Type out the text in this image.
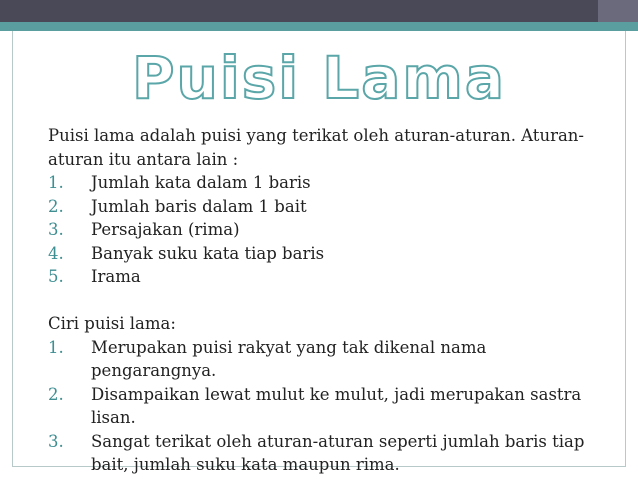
Puisi Lama

Puisi lama adalah puisi yang terikat oleh aturan-aturan. Aturan-aturan itu antara lain :

1. Jumlah kata dalam 1 baris
2. Jumlah baris dalam 1 bait
3. Persajakan (rima)
4. Banyak suku kata tiap baris
5. Irama

Ciri puisi lama:

1. Merupakan puisi rakyat yang tak dikenal nama pengarangnya.
2. Disampaikan lewat mulut ke mulut, jadi merupakan sastra lisan.
3. Sangat terikat oleh aturan-aturan seperti jumlah baris tiap bait, jumlah suku kata maupun rima.
